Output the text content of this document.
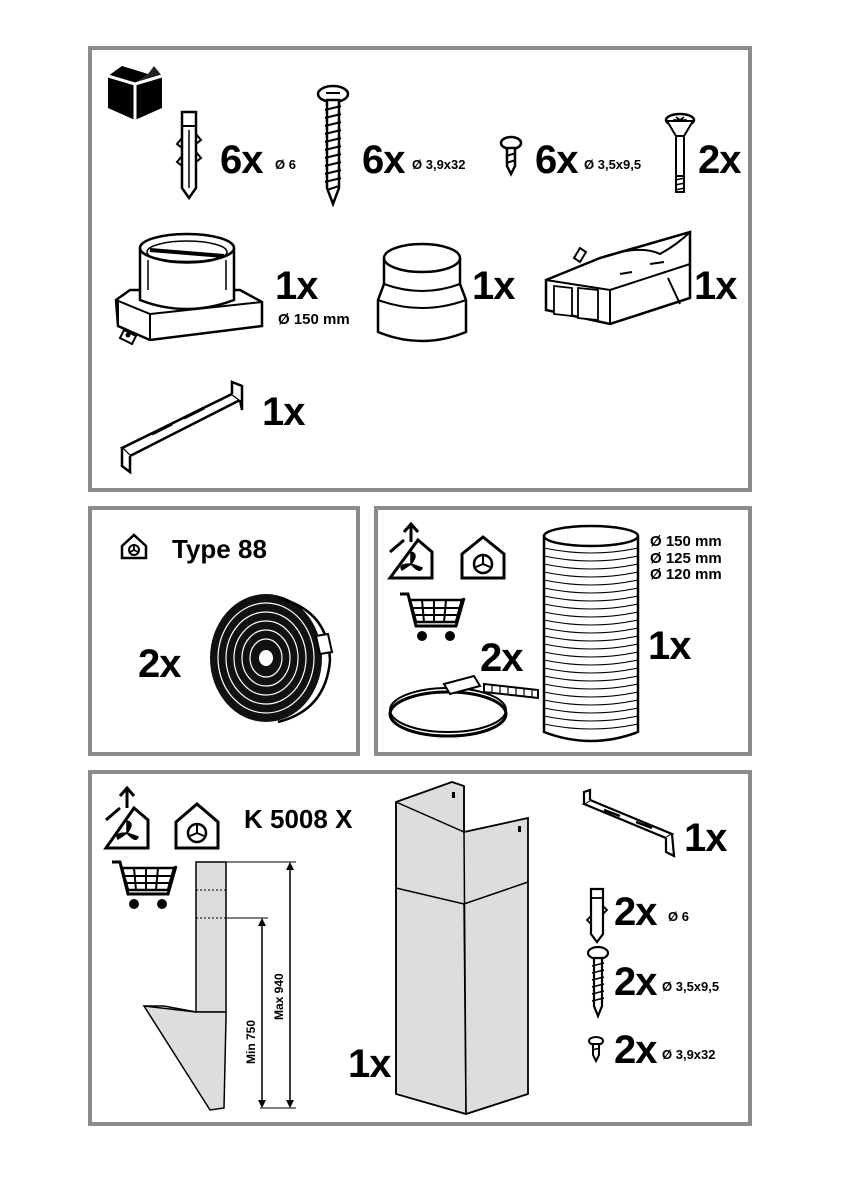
6x Ø 6 6x Ø 3,9x32 6x Ø 3,5x9,5 2x
1x
Ø 150 mm
1x	1x
1x
Type 88
2x	2x
Ø 150 mm
Ø 125 mm
Ø 120 mm
1x
K 5008 X
Min 750
Max 940
1x
1x
2x Ø 6
2x Ø 3,5x9,5
2x Ø 3,9x32
